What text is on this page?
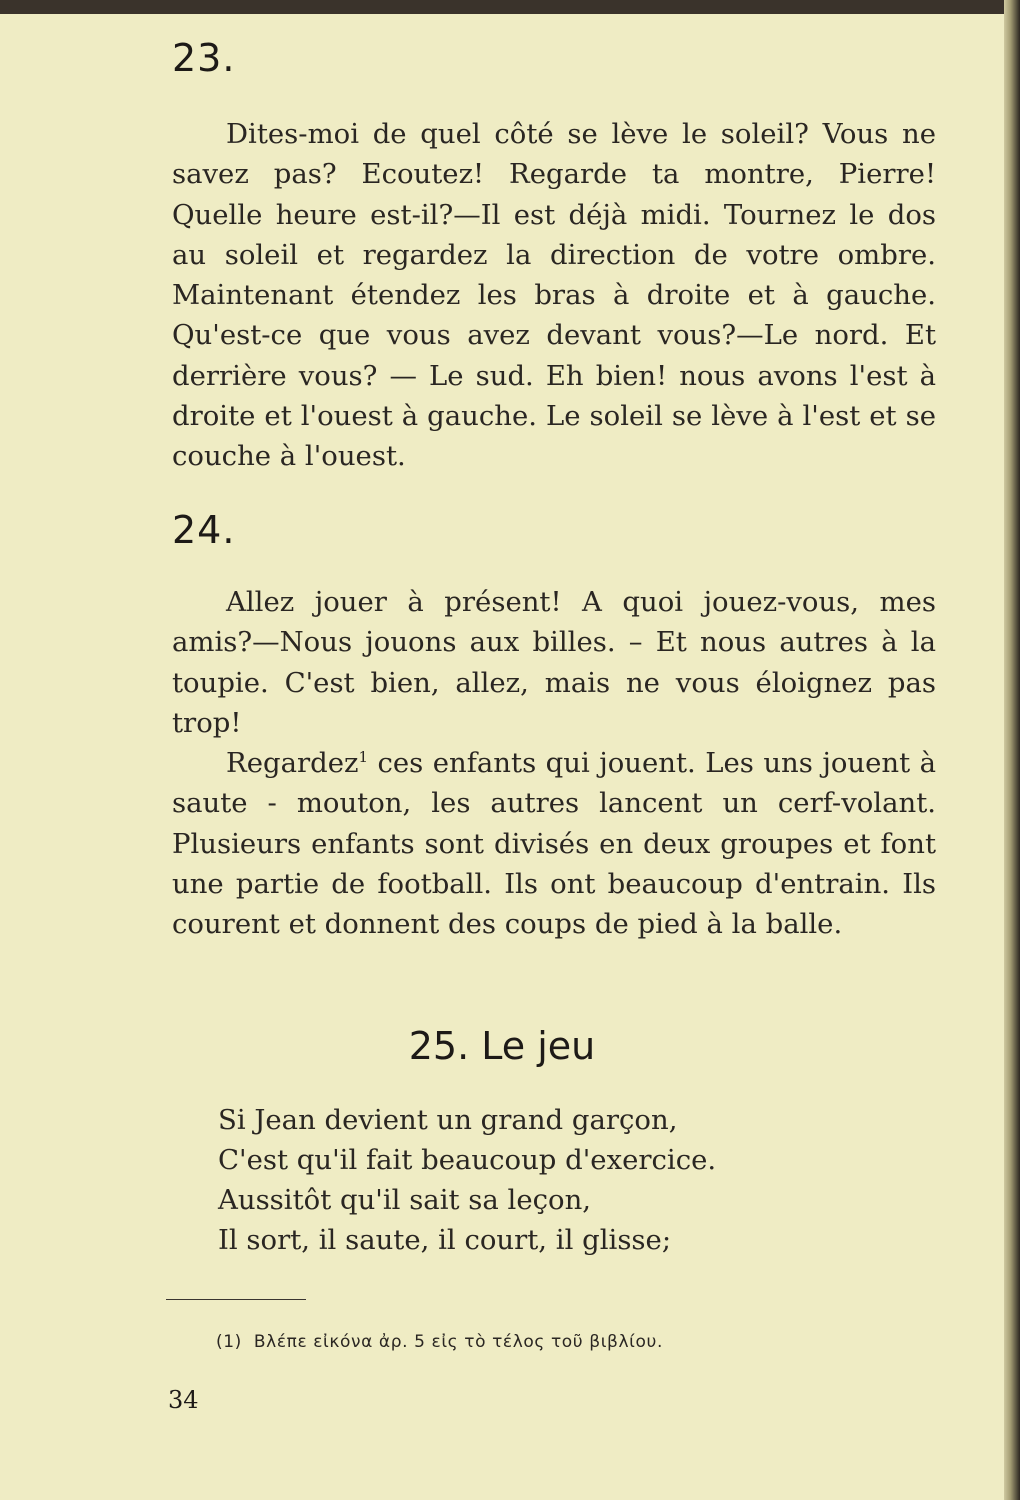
23.

Dites-moi de quel côté se lève le soleil? Vous ne savez pas? Ecoutez! Regarde ta montre, Pierre! Quelle heure est-il?—Il est déjà midi. Tournez le dos au soleil et regardez la direction de votre ombre. Maintenant étendez les bras à droite et à gauche. Qu'est-ce que vous avez devant vous?—Le nord. Et derrière vous? — Le sud. Eh bien! nous avons l'est à droite et l'ouest à gauche. Le soleil se lève à l'est et se couche à l'ouest.

24.

Allez jouer à présent! A quoi jouez-vous, mes amis?—Nous jouons aux billes. – Et nous autres à la toupie. C'est bien, allez, mais ne vous éloignez pas trop!

Regardez$^1$ ces enfants qui jouent. Les uns jouent à saute - mouton, les autres lancent un cerf-volant. Plusieurs enfants sont divisés en deux groupes et font une partie de football. Ils ont beaucoup d'entrain. Ils courent et donnent des coups de pied à la balle.

25. Le jeu
Si Jean devient un grand garçon,
C'est qu'il fait beaucoup d'exercice.
Aussitôt qu'il sait sa leçon,
Il sort, il saute, il court, il glisse;
(1) Βλέπε εἰκόνα ἀρ. 5 εἰς τὸ τέλος τοῦ βιβλίου.
34
